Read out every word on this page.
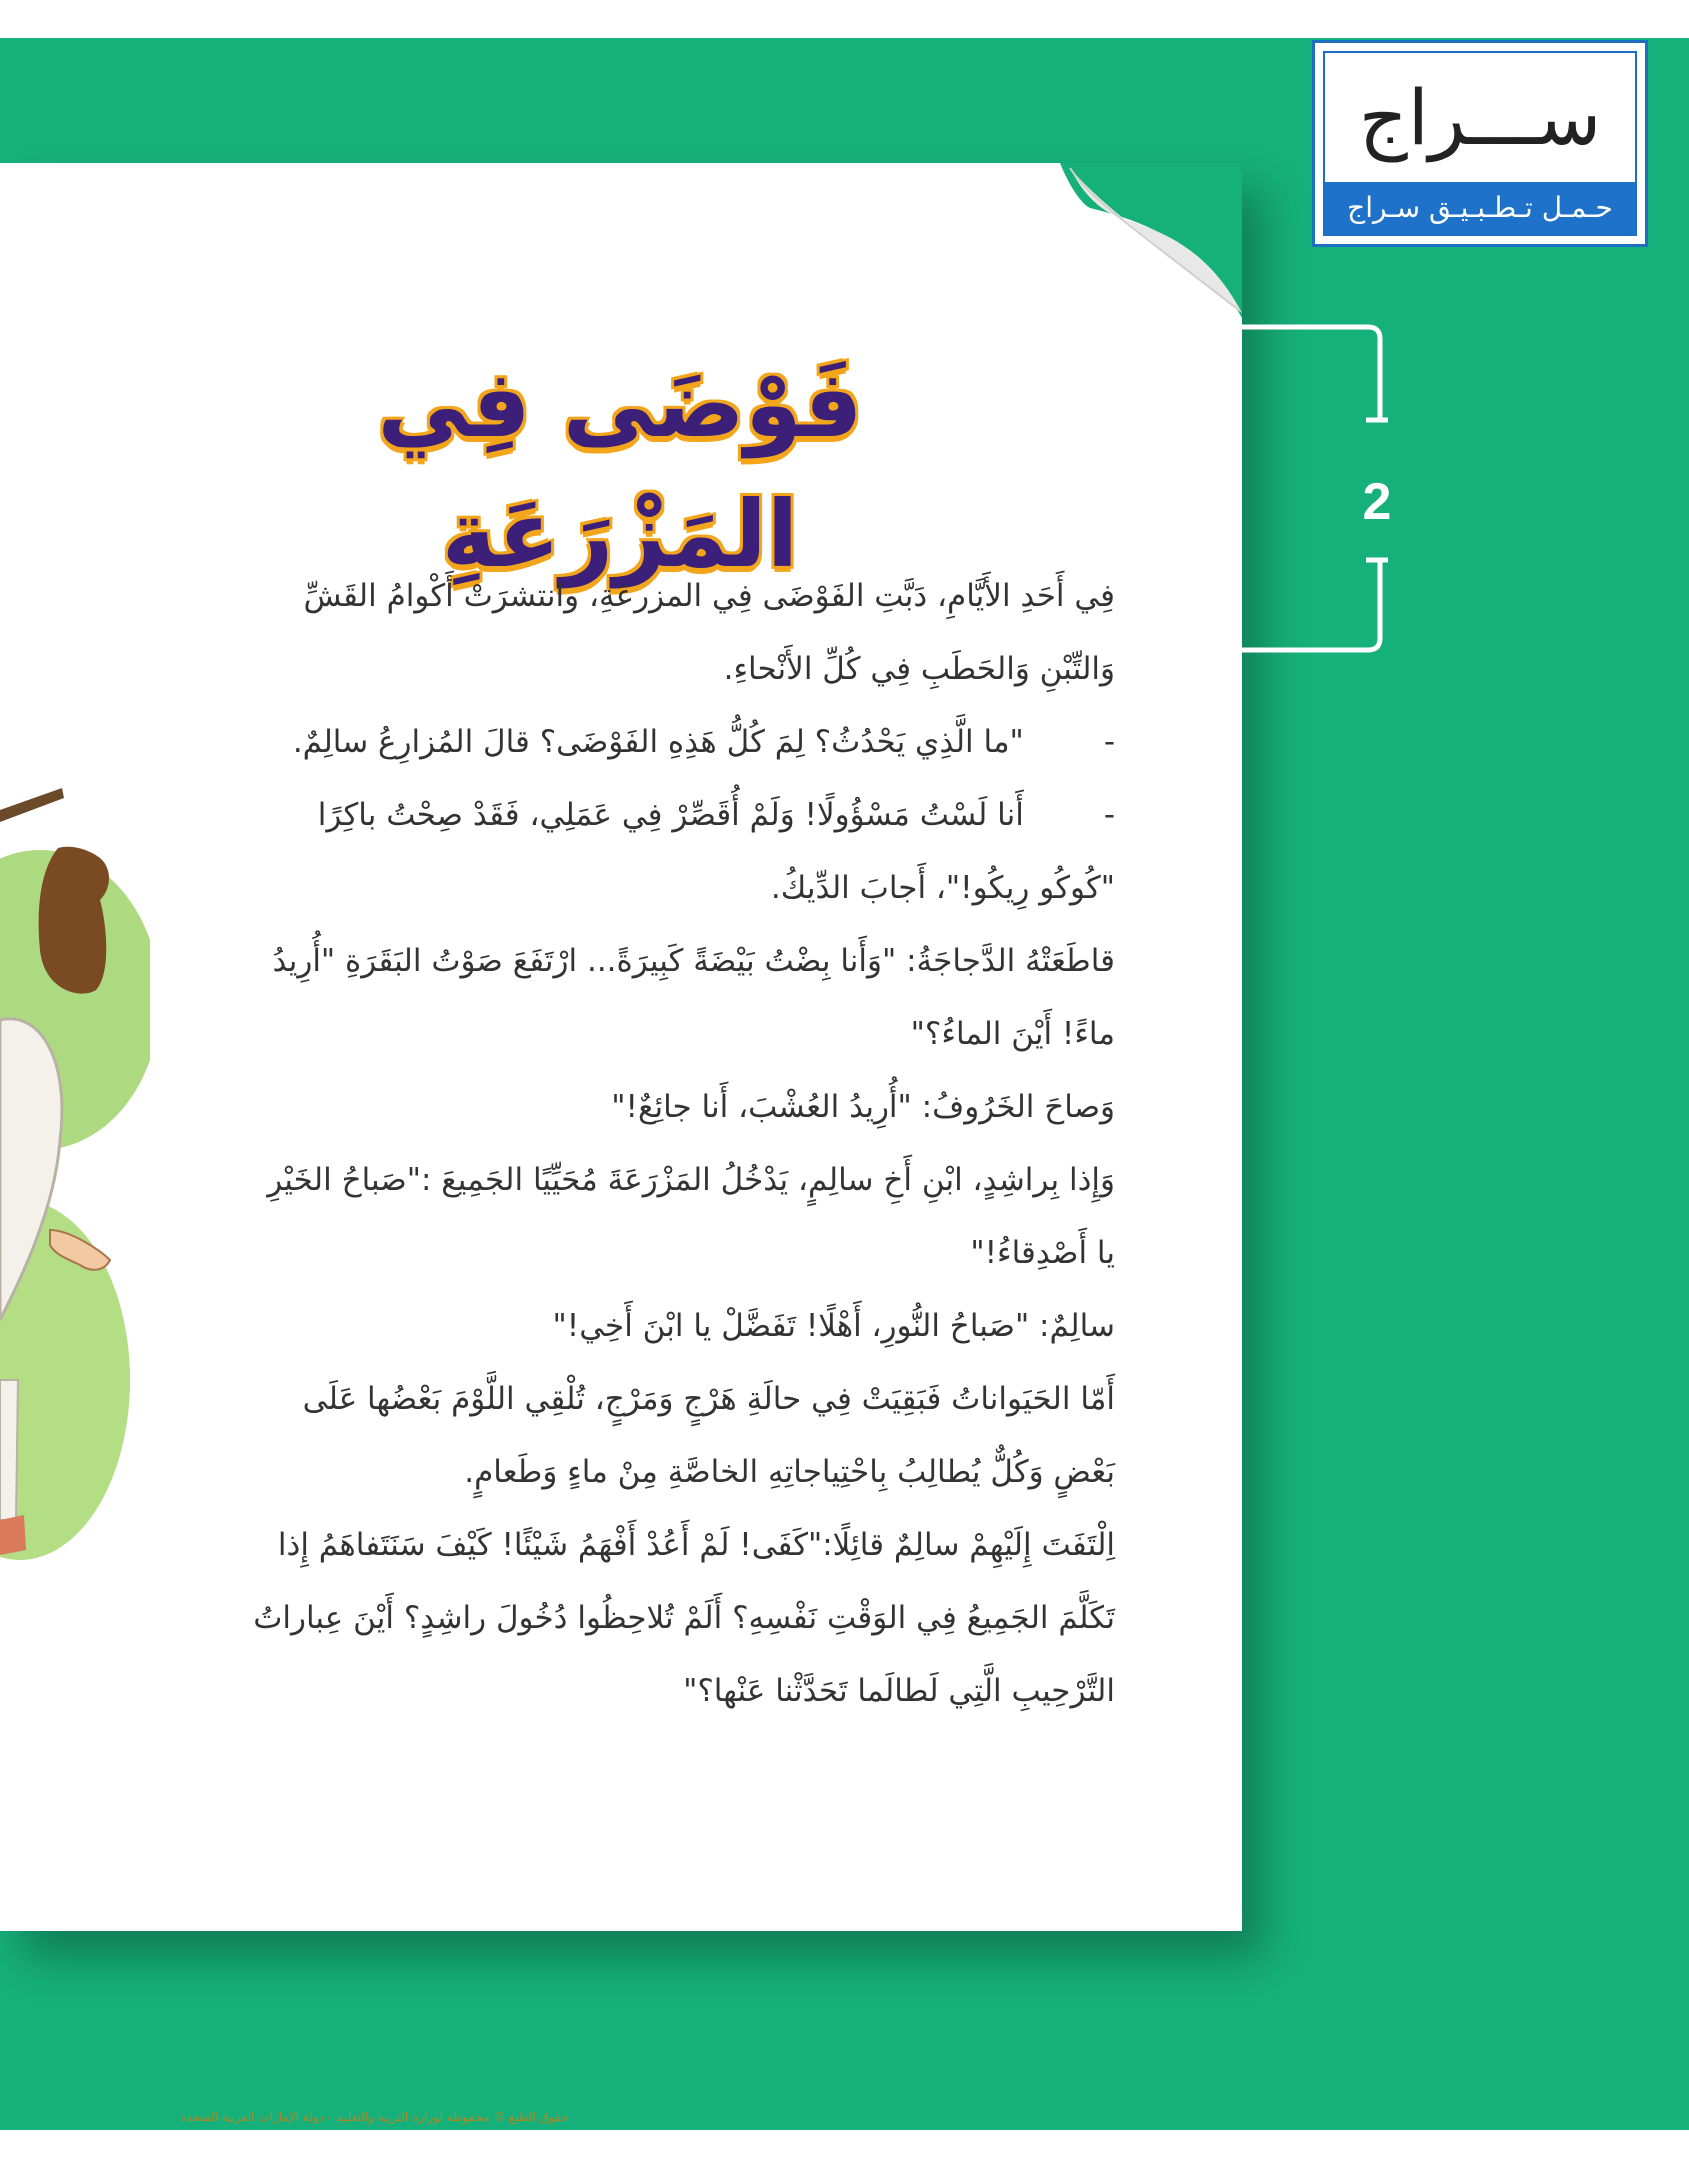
ســـراج
حـمـل تـطـبـيـق سـراج
2
فَوْضَى فِي المَزْرَعَةِ
فِي أَحَدِ الأَيَّامِ، دَبَّتِ الفَوْضَى فِي المزرعَةِ، وانتشرَتْ أَكْوامُ القَشِّ
وَالتِّبْنِ وَالحَطَبِ فِي كُلِّ الأَنْحاءِ.
-"ما الَّذِي يَحْدُثُ؟ لِمَ كُلُّ هَذِهِ الفَوْضَى؟ قالَ المُزارِعُ سالِمٌ.
-أَنا لَسْتُ مَسْؤُولًا! وَلَمْ أُقَصِّرْ فِي عَمَلِي، فَقَدْ صِحْتُ باكِرًا
"كُوكُو رِيكُو!"، أَجابَ الدِّيكُ.
قاطَعَتْهُ الدَّجاجَةُ: "وَأَنا بِضْتُ بَيْضَةً كَبِيرَةً... ارْتَفَعَ صَوْتُ البَقَرَةِ "أُرِيدُ
ماءً! أَيْنَ الماءُ؟"
وَصاحَ الخَرُوفُ: "أُرِيدُ العُشْبَ، أَنا جائِعٌ!"
وَإِذا بِراشِدٍ، ابْنِ أَخِ سالِمٍ، يَدْخُلُ المَزْرَعَةَ مُحَيِّيًا الجَمِيعَ :"صَباحُ الخَيْرِ
يا أَصْدِقاءُ!"
سالِمٌ: "صَباحُ النُّورِ، أَهْلًا! تَفَضَّلْ يا ابْنَ أَخِي!"
أَمّا الحَيَواناتُ فَبَقِيَتْ فِي حالَةِ هَرْجٍ وَمَرْجٍ، تُلْقِي اللَّوْمَ بَعْضُها عَلَى
بَعْضٍ وَكُلٌّ يُطالِبُ بِاحْتِياجاتِهِ الخاصَّةِ مِنْ ماءٍ وَطَعامٍ.
اِلْتَفَتَ إِلَيْهِمْ سالِمٌ قائِلًا:"كَفَى! لَمْ أَعُدْ أَفْهَمُ شَيْئًا! كَيْفَ سَنَتَفاهَمُ إِذا
تَكَلَّمَ الجَمِيعُ فِي الوَقْتِ نَفْسِهِ؟ أَلَمْ تُلاحِظُوا دُخُولَ راشِدٍ؟ أَيْنَ عِباراتُ
التَّرْحِيبِ الَّتِي لَطالَما تَحَدَّثْنا عَنْها؟"
حقوق الطبع © محفوظة لوزارة التربية والتعليم - دولة الإمارات العربية المتحدة
